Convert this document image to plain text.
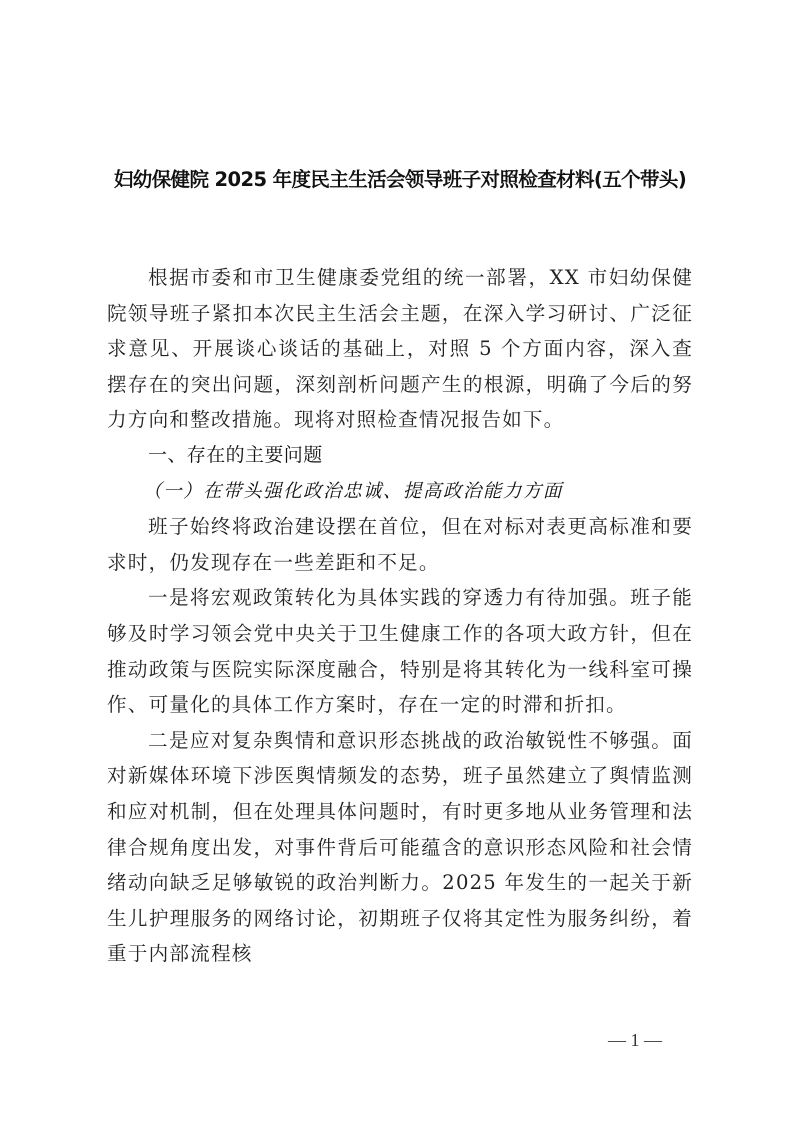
妇幼保健院 2025 年度民主生活会领导班子对照检查材料(五个带头)

根据市委和市卫生健康委党组的统一部署，XX 市妇幼保健院领导班子紧扣本次民主生活会主题，在深入学习研讨、广泛征求意见、开展谈心谈话的基础上，对照 5 个方面内容，深入查摆存在的突出问题，深刻剖析问题产生的根源，明确了今后的努力方向和整改措施。现将对照检查情况报告如下。

一、存在的主要问题

（一）在带头强化政治忠诚、提高政治能力方面

班子始终将政治建设摆在首位，但在对标对表更高标准和要求时，仍发现存在一些差距和不足。

一是将宏观政策转化为具体实践的穿透力有待加强。班子能够及时学习领会党中央关于卫生健康工作的各项大政方针，但在推动政策与医院实际深度融合，特别是将其转化为一线科室可操作、可量化的具体工作方案时，存在一定的时滞和折扣。

二是应对复杂舆情和意识形态挑战的政治敏锐性不够强。面对新媒体环境下涉医舆情频发的态势，班子虽然建立了舆情监测和应对机制，但在处理具体问题时，有时更多地从业务管理和法律合规角度出发，对事件背后可能蕴含的意识形态风险和社会情绪动向缺乏足够敏锐的政治判断力。2025 年发生的一起关于新生儿护理服务的网络讨论，初期班子仅将其定性为服务纠纷，着重于内部流程核

— 1 —
